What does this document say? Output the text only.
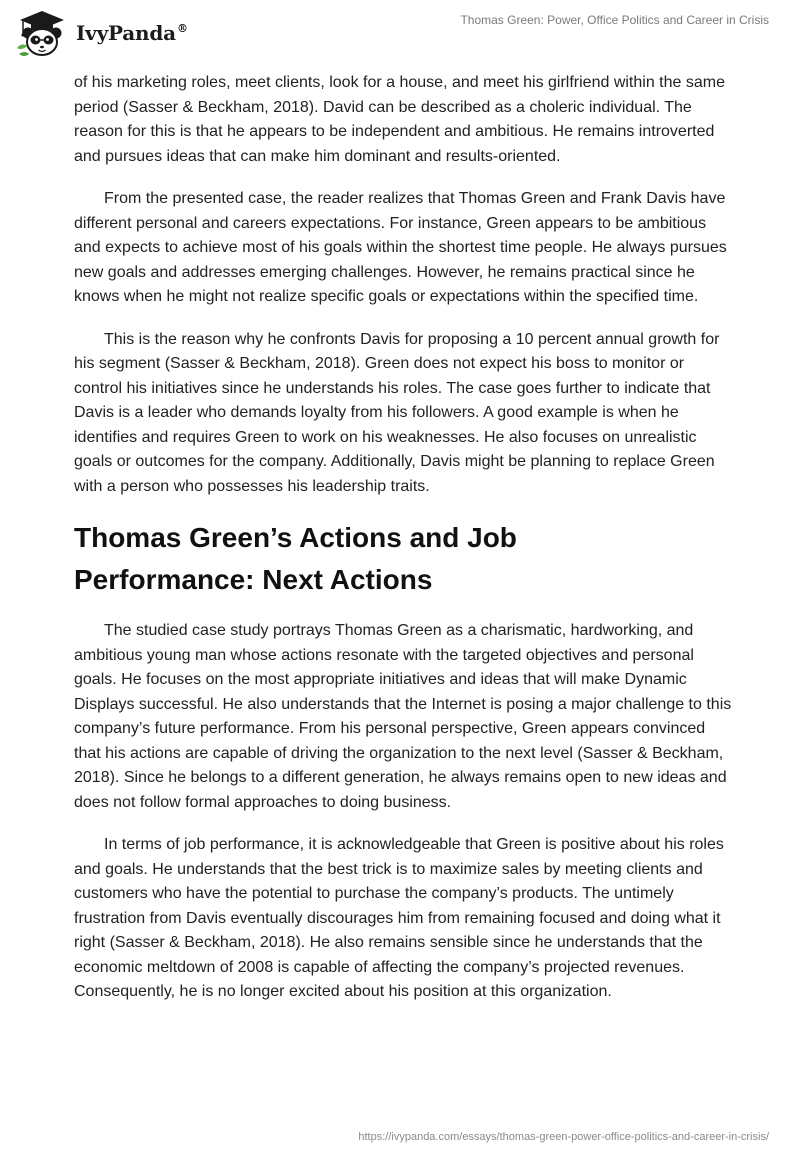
IvyPanda®
Thomas Green: Power, Office Politics and Career in Crisis

of his marketing roles, meet clients, look for a house, and meet his girlfriend within the same period (Sasser & Beckham, 2018). David can be described as a choleric individual. The reason for this is that he appears to be independent and ambitious. He remains introverted and pursues ideas that can make him dominant and results-oriented.

From the presented case, the reader realizes that Thomas Green and Frank Davis have different personal and careers expectations. For instance, Green appears to be ambitious and expects to achieve most of his goals within the shortest time people. He always pursues new goals and addresses emerging challenges. However, he remains practical since he knows when he might not realize specific goals or expectations within the specified time.

This is the reason why he confronts Davis for proposing a 10 percent annual growth for his segment (Sasser & Beckham, 2018). Green does not expect his boss to monitor or control his initiatives since he understands his roles. The case goes further to indicate that Davis is a leader who demands loyalty from his followers. A good example is when he identifies and requires Green to work on his weaknesses. He also focuses on unrealistic goals or outcomes for the company. Additionally, Davis might be planning to replace Green with a person who possesses his leadership traits.

Thomas Green’s Actions and Job Performance: Next Actions

The studied case study portrays Thomas Green as a charismatic, hardworking, and ambitious young man whose actions resonate with the targeted objectives and personal goals. He focuses on the most appropriate initiatives and ideas that will make Dynamic Displays successful. He also understands that the Internet is posing a major challenge to this company’s future performance. From his personal perspective, Green appears convinced that his actions are capable of driving the organization to the next level (Sasser & Beckham, 2018). Since he belongs to a different generation, he always remains open to new ideas and does not follow formal approaches to doing business.

In terms of job performance, it is acknowledgeable that Green is positive about his roles and goals. He understands that the best trick is to maximize sales by meeting clients and customers who have the potential to purchase the company’s products. The untimely frustration from Davis eventually discourages him from remaining focused and doing what it right (Sasser & Beckham, 2018). He also remains sensible since he understands that the economic meltdown of 2008 is capable of affecting the company’s projected revenues. Consequently, he is no longer excited about his position at this organization.

https://ivypanda.com/essays/thomas-green-power-office-politics-and-career-in-crisis/
